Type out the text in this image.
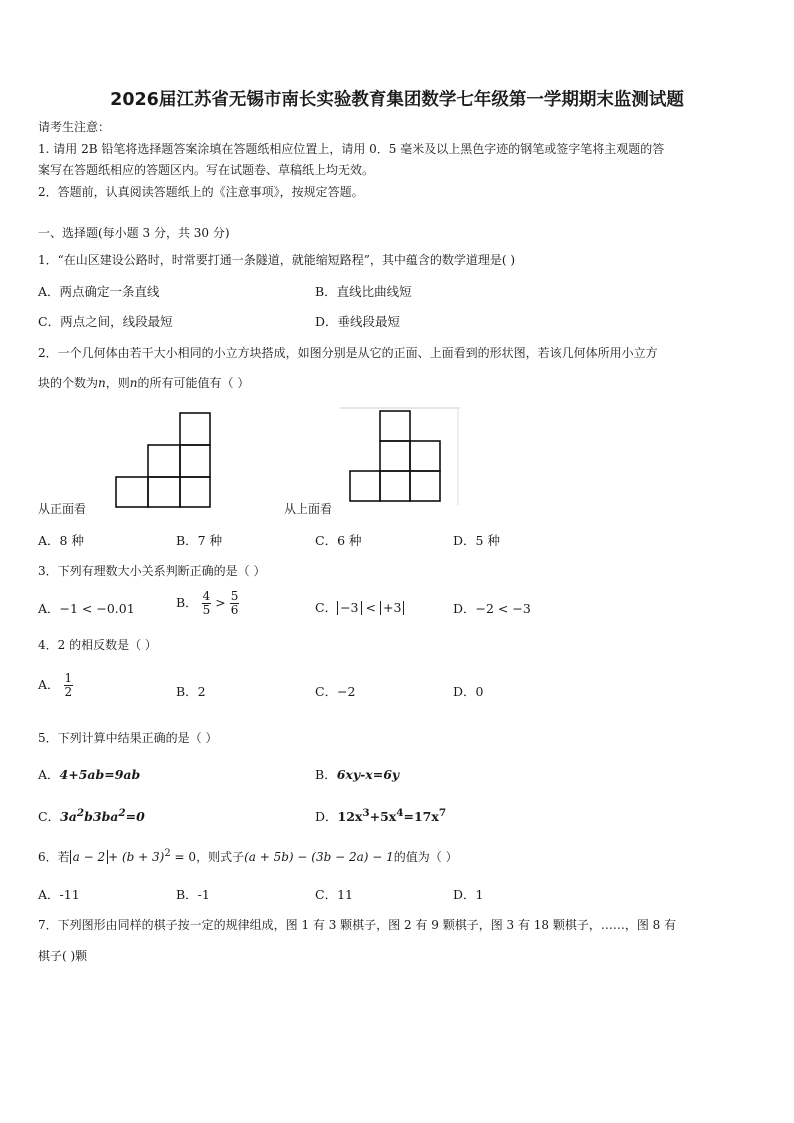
2026届江苏省无锡市南长实验教育集团数学七年级第一学期期末监测试题
请考生注意：
1. 请用 2B 铅笔将选择题答案涂填在答题纸相应位置上，请用 0．5 毫米及以上黑色字迹的钢笔或签字笔将主观题的答
案写在答题纸相应的答题区内。写在试题卷、草稿纸上均无效。
2．答题前，认真阅读答题纸上的《注意事项》，按规定答题。
一、选择题(每小题 3 分，共 30 分)
1．“在山区建设公路时，时常要打通一条隧道，就能缩短路程”，其中蕴含的数学道理是( )
A．两点确定一条直线	B．直线比曲线短
C．两点之间，线段最短	D．垂线段最短
2．一个几何体由若干大小相同的小立方块搭成，如图分别是从它的正面、上面看到的形状图，若该几何体所用小立方
块的个数为n，则n的所有可能值有（ ）
从正面看	从上面看
A．8 种	B．7 种	C．6 种	D．5 种
3．下列有理数大小关系判断正确的是（ ）
A．−1 < −0.01	B． $\frac{4}{5} > \frac{5}{6}$	C． −3 < +3	D．−2 < −3
4．2 的相反数是（ ）
A． $\frac{1}{2}$	B．2	C．−2	D．0
5．下列计算中结果正确的是（ ）
A．4+5ab=9ab	B．6xy-x=6y
C．$3a^2b3ba^2=0$	D．$12x^3+5x^4=17x^7$
6．若 $a - 2 + (b + 3)^2 = 0$，则式子(a + 5b) − (3b − 2a) − 1的值为（ ）
A．-11	B．-1	C．11	D．1
7．下列图形由同样的棋子按一定的规律组成，图 1 有 3 颗棋子，图 2 有 9 颗棋子，图 3 有 18 颗棋子，……，图 8 有
棋子( )颗
